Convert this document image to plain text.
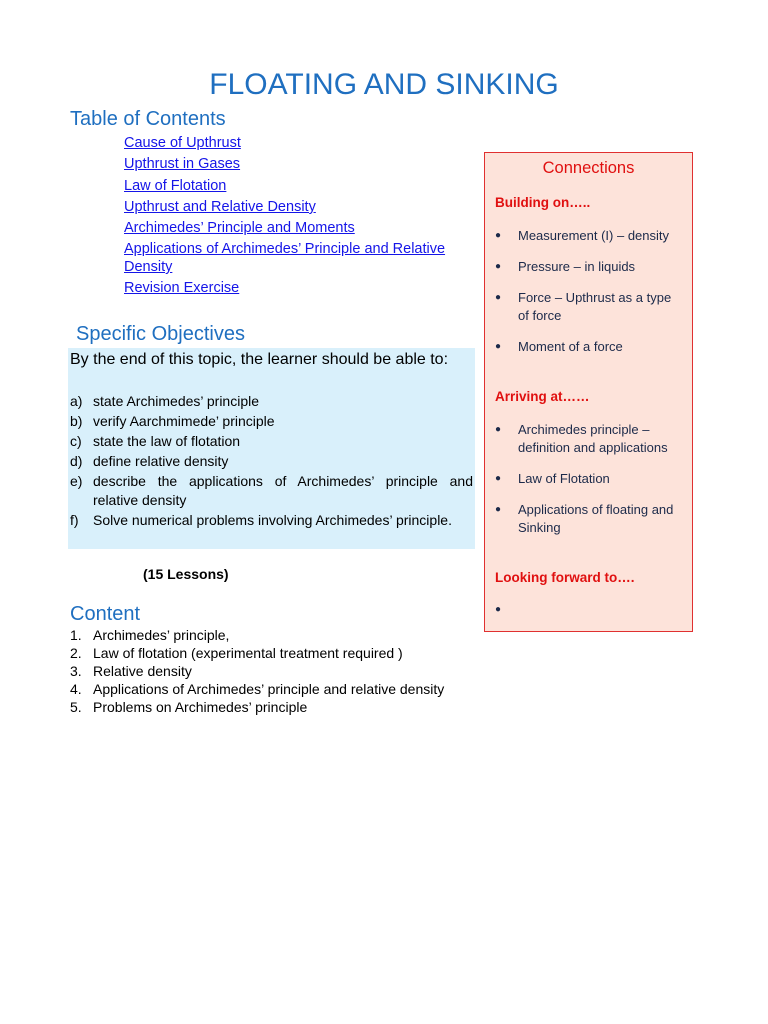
FLOATING AND SINKING
Table of Contents
Cause of Upthrust
Upthrust in Gases
Law of Flotation
Upthrust and Relative Density
Archimedes’ Principle and Moments
Applications of Archimedes’ Principle and Relative Density
Revision Exercise
Specific Objectives
By the end of this topic, the learner should be able to:
a) state Archimedes’ principle
b) verify Aarchmimede’ principle
c) state the law of flotation
d) define relative density
e) describe the applications of Archimedes’ principle and relative density
f)	Solve numerical problems involving Archimedes’ principle.
(15 Lessons)
Content
1. Archimedes’ principle,
2. Law of flotation (experimental treatment required )
3. Relative density
4. Applications of Archimedes’ principle and relative density
5. Problems on Archimedes’ principle
Connections
Building on…..
●	Measurement (I) – density
●	Pressure – in liquids
●	Force – Upthrust as a type of force
●	Moment of a force
Arriving at……
●	Archimedes principle – definition and applications
●	Law of Flotation
●	Applications of floating and Sinking
Looking forward to….
●
